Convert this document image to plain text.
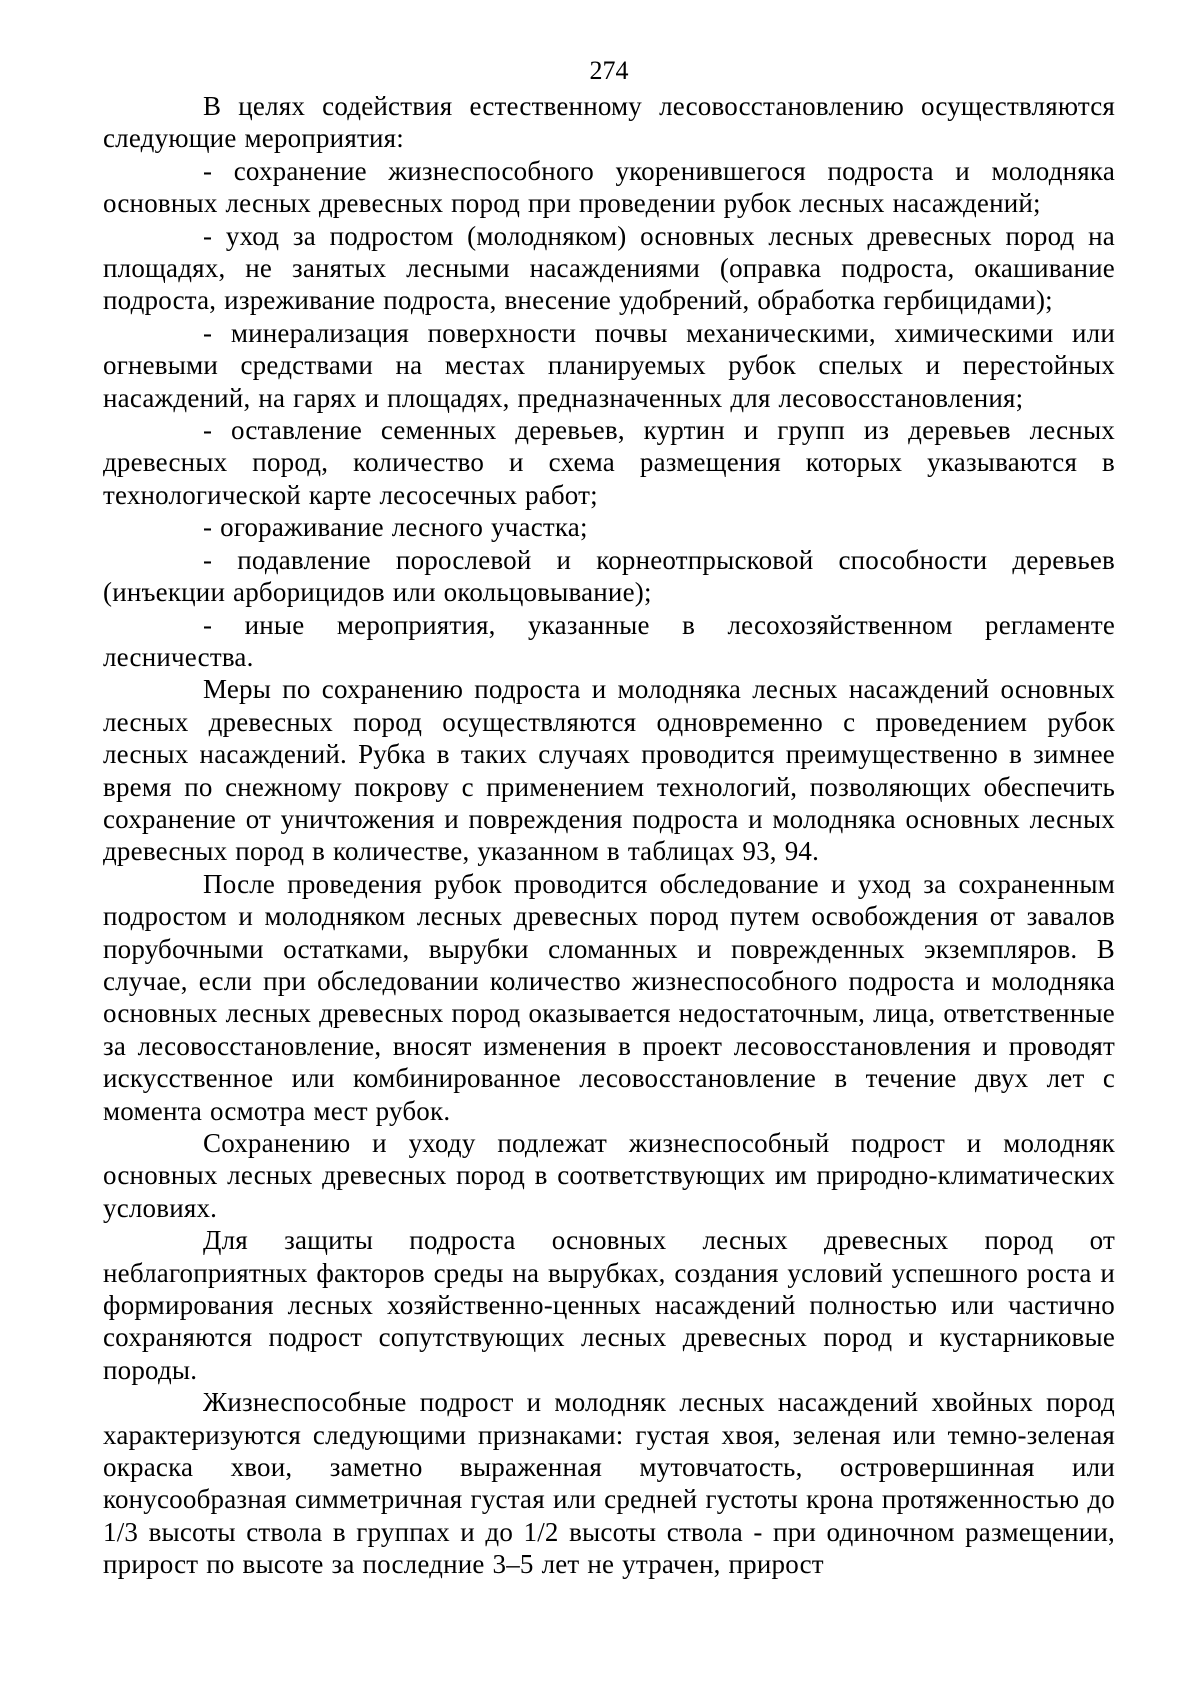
274

В целях содействия естественному лесовосстановлению осуществляются следующие мероприятия:

- сохранение жизнеспособного укоренившегося подроста и молодняка основных лесных древесных пород при проведении рубок лесных насаждений;

- уход за подростом (молодняком) основных лесных древесных пород на площадях, не занятых лесными насаждениями (оправка подроста, окашивание подроста, изреживание подроста, внесение удобрений, обработка гербицидами);

- минерализация поверхности почвы механическими, химическими или огневыми средствами на местах планируемых рубок спелых и перестойных насаждений, на гарях и площадях, предназначенных для лесовосстановления;

- оставление семенных деревьев, куртин и групп из деревьев лесных древесных пород, количество и схема размещения которых указываются в технологической карте лесосечных работ;

- огораживание лесного участка;

- подавление порослевой и корнеотпрысковой способности деревьев (инъекции арборицидов или окольцовывание);

- иные мероприятия, указанные в лесохозяйственном регламенте лесничества.

Меры по сохранению подроста и молодняка лесных насаждений основных лесных древесных пород осуществляются одновременно с проведением рубок лесных насаждений. Рубка в таких случаях проводится преимущественно в зимнее время по снежному покрову с применением технологий, позволяющих обеспечить сохранение от уничтожения и повреждения подроста и молодняка основных лесных древесных пород в количестве, указанном в таблицах 93, 94.

После проведения рубок проводится обследование и уход за сохраненным подростом и молодняком лесных древесных пород путем освобождения от завалов порубочными остатками, вырубки сломанных и поврежденных экземпляров. В случае, если при обследовании количество жизнеспособного подроста и молодняка основных лесных древесных пород оказывается недостаточным, лица, ответственные за лесовосстановление, вносят изменения в проект лесовосстановления и проводят искусственное или комбинированное лесовосстановление в течение двух лет с момента осмотра мест рубок.

Сохранению и уходу подлежат жизнеспособный подрост и молодняк основных лесных древесных пород в соответствующих им природно-климатических условиях.

Для защиты подроста основных лесных древесных пород от неблагоприятных факторов среды на вырубках, создания условий успешного роста и формирования лесных хозяйственно-ценных насаждений полностью или частично сохраняются подрост сопутствующих лесных древесных пород и кустарниковые породы.

Жизнеспособные подрост и молодняк лесных насаждений хвойных пород характеризуются следующими признаками: густая хвоя, зеленая или темно-зеленая окраска хвои, заметно выраженная мутовчатость, островершинная или конусообразная симметричная густая или средней густоты крона протяженностью до 1/3 высоты ствола в группах и до 1/2 высоты ствола - при одиночном размещении, прирост по высоте за последние 3–5 лет не утрачен, прирост
